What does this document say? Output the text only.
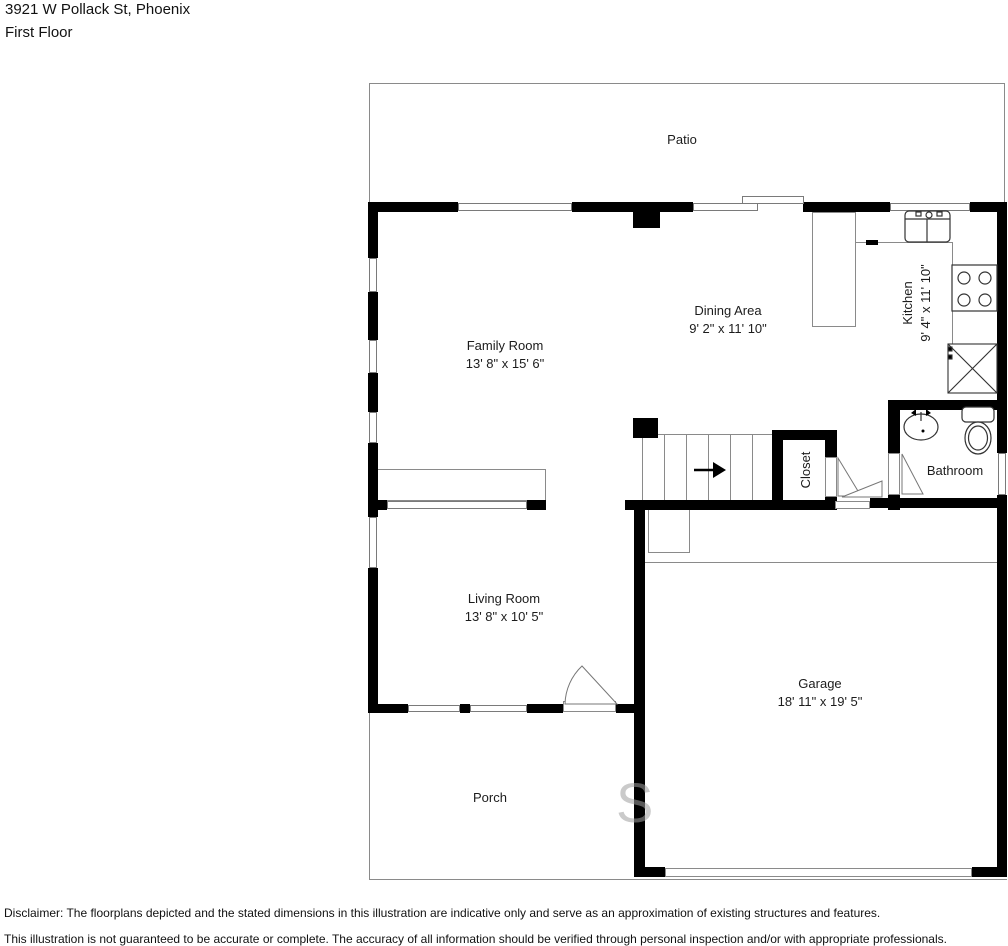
3921 W Pollack St, Phoenix
First Floor
Patio
Family Room
13' 8" x 15' 6"
Dining Area
9' 2" x 11' 10"
Kitchen 9' 4" x 11' 10"
Closet	Bathroom
Living Room
13' 8" x 10' 5"
Garage
18' 11" x 19' 5"
Porch S
Disclaimer: The floorplans depicted and the stated dimensions in this illustration are indicative only and serve as an approximation of existing structures and features.
This illustration is not guaranteed to be accurate or complete. The accuracy of all information should be verified through personal inspection and/or with appropriate professionals.
